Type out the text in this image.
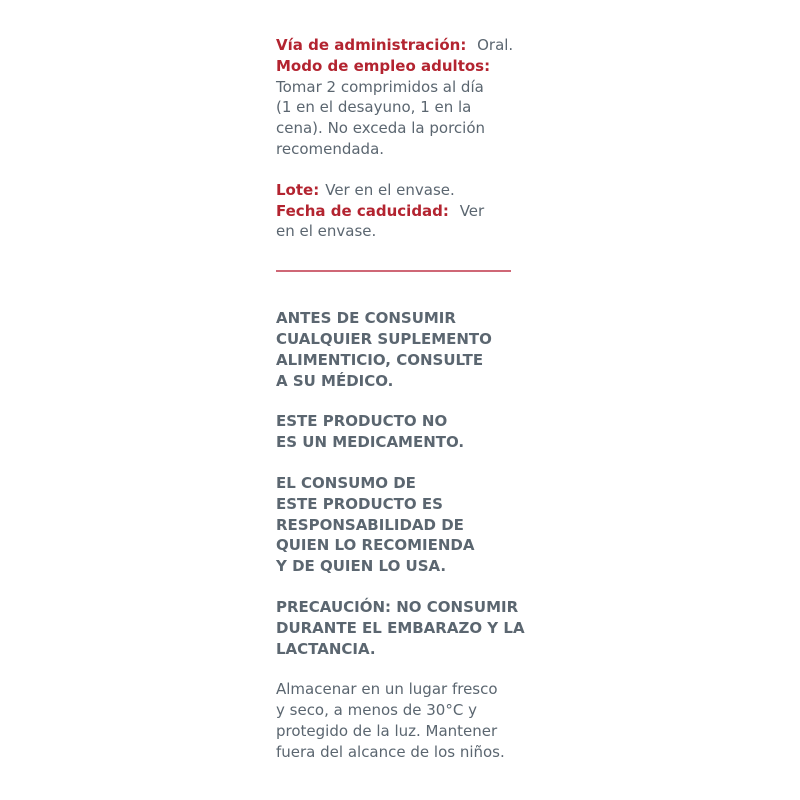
Vía de administración: Oral.
Modo de empleo adultos:
Tomar 2 comprimidos al día
(1 en el desayuno, 1 en la
cena). No exceda la porción
recomendada.
Lote: Ver en el envase.
Fecha de caducidad: Ver
en el envase.

ANTES DE CONSUMIR
CUALQUIER SUPLEMENTO
ALIMENTICIO, CONSULTE
A SU MÉDICO.

ESTE PRODUCTO NO
ES UN MEDICAMENTO.

EL CONSUMO DE
ESTE PRODUCTO ES
RESPONSABILIDAD DE
QUIEN LO RECOMIENDA
Y DE QUIEN LO USA.

PRECAUCIÓN: NO CONSUMIR
DURANTE EL EMBARAZO Y LA
LACTANCIA.

Almacenar en un lugar fresco
y seco, a menos de 30°C y
protegido de la luz. Mantener
fuera del alcance de los niños.
